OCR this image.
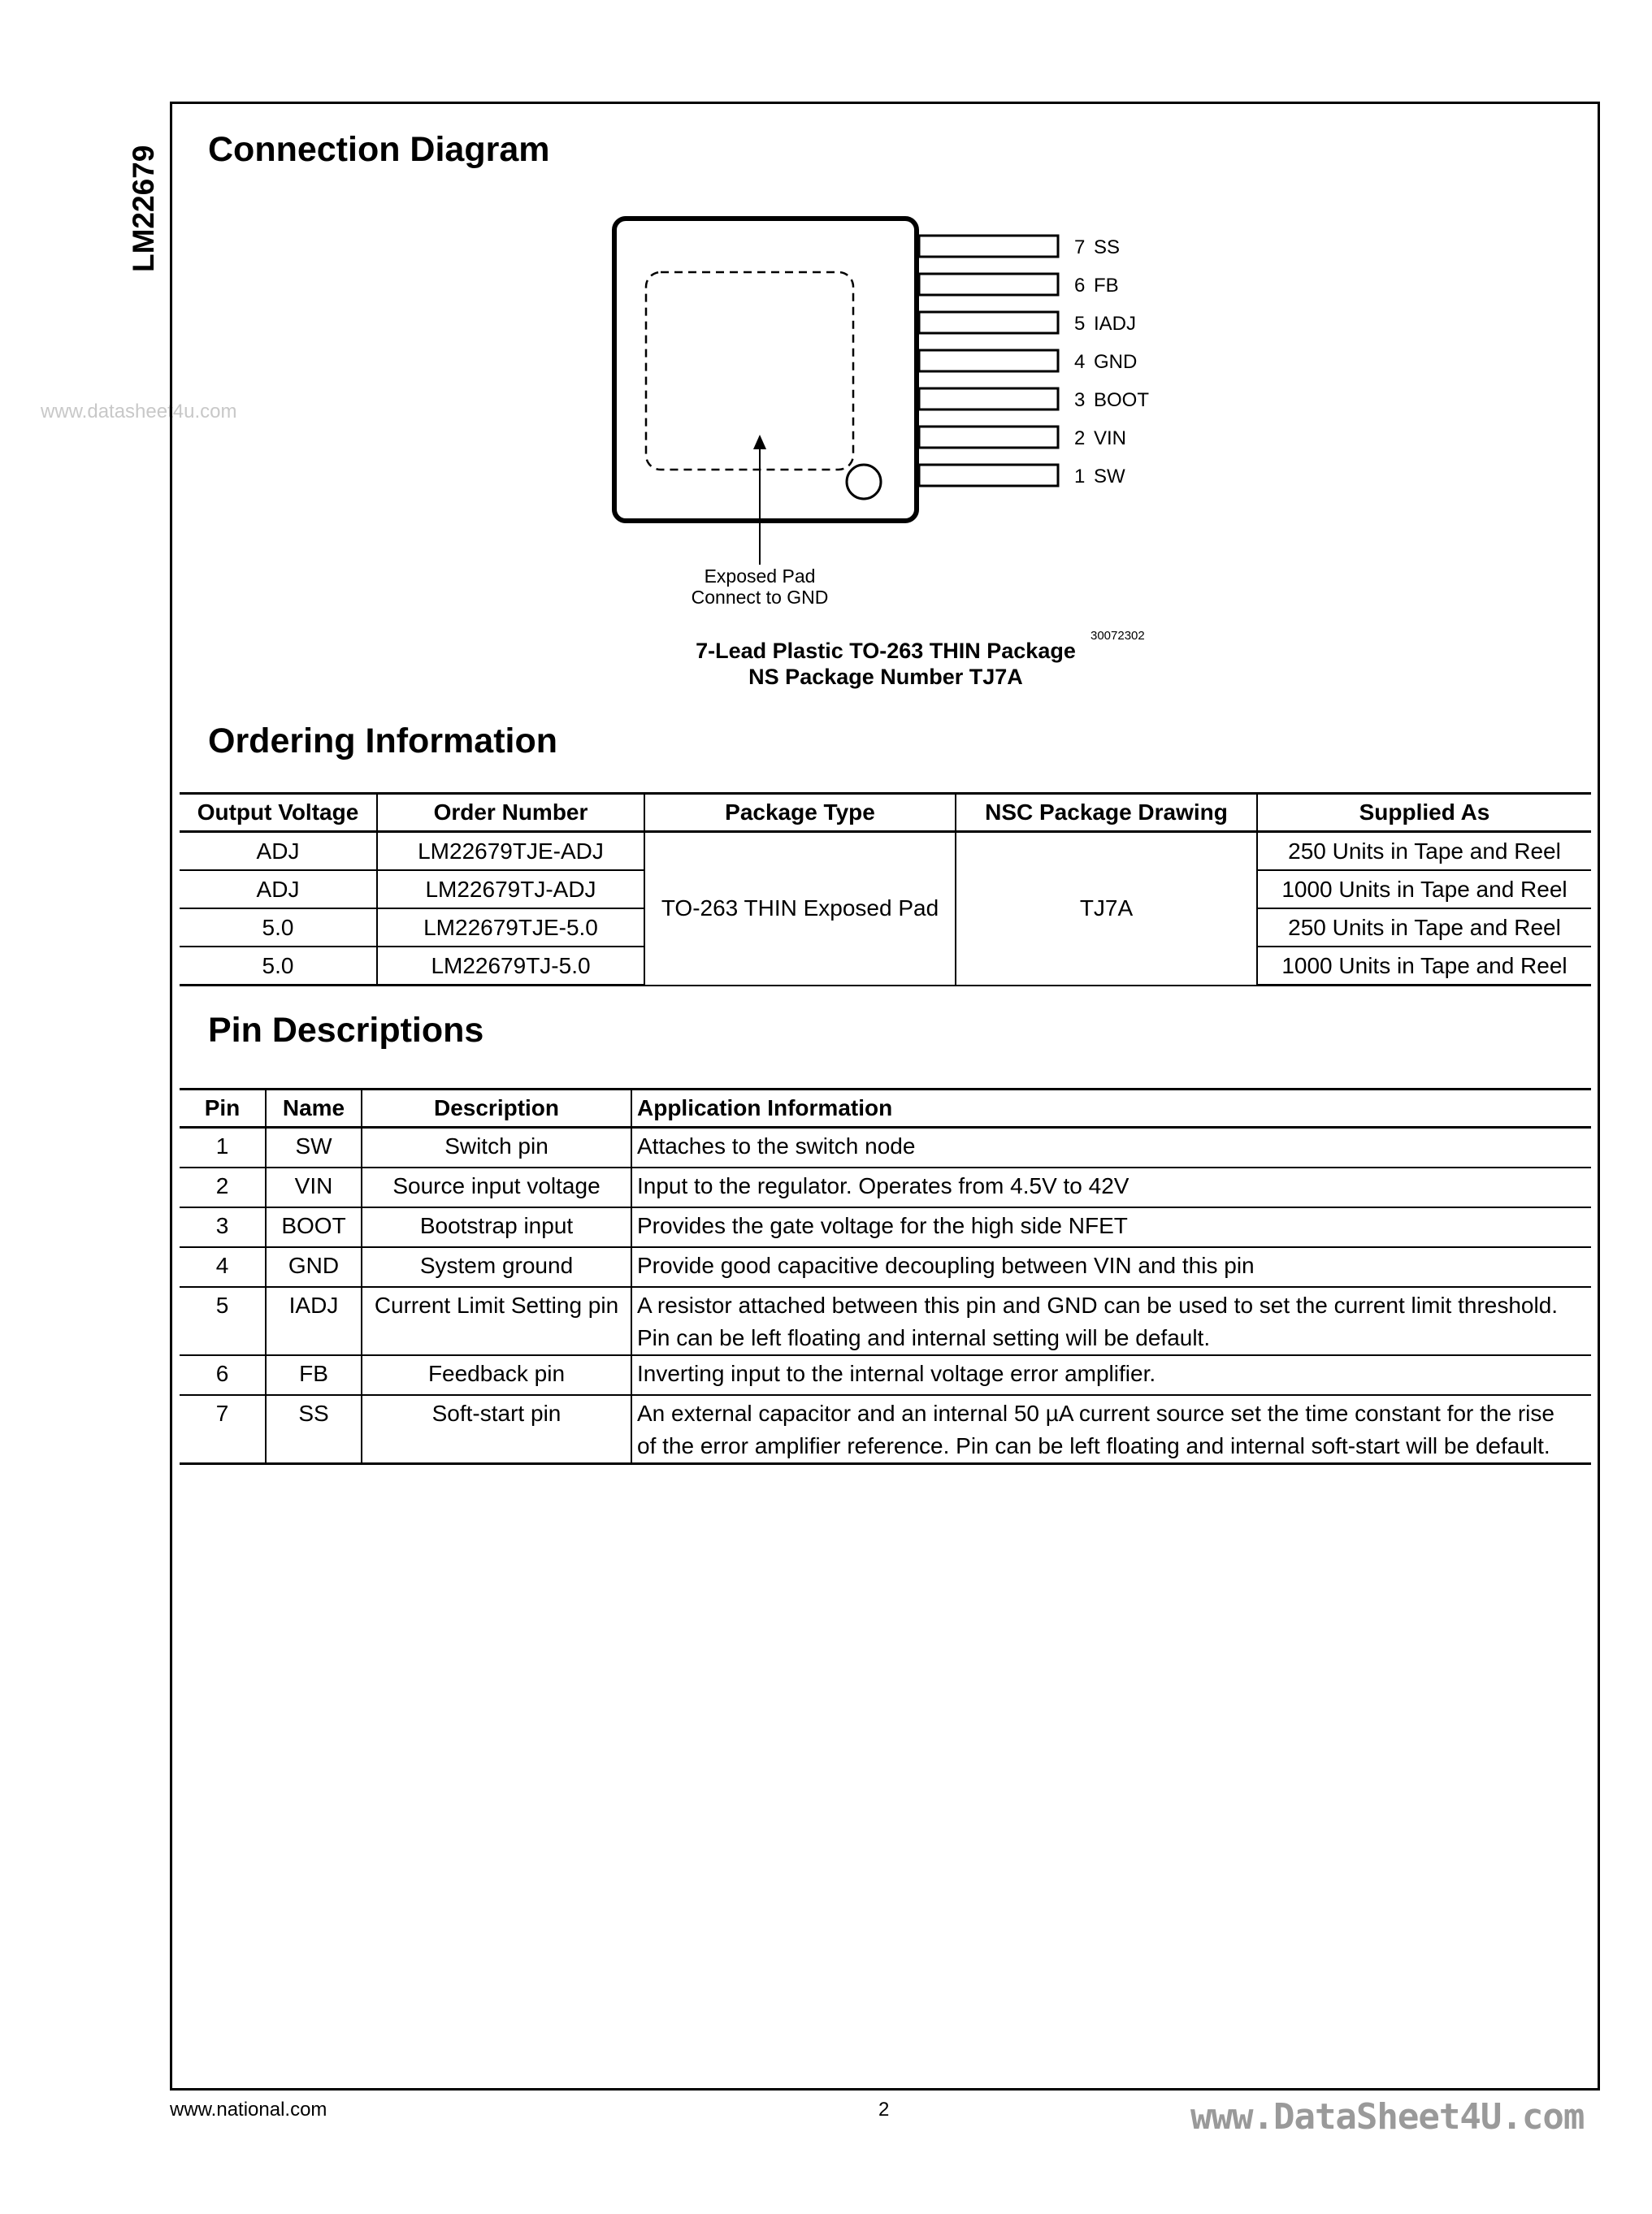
LM22679
www.datasheet4u.com
Connection Diagram
7 SS
6 FB
5 IADJ
4 GND
3 BOOT
2 VIN
1 SW
Exposed Pad
Connect to GND
30072302
7-Lead Plastic TO-263 THIN Package
NS Package Number TJ7A
Ordering Information
Output Voltage	Order Number	Package Type	NSC Package Drawing	Supplied As
ADJ	LM22679TJE-ADJ	TO-263 THIN Exposed Pad	TJ7A	250 Units in Tape and Reel
ADJ	LM22679TJ-ADJ			1000 Units in Tape and Reel
5.0	LM22679TJE-5.0			250 Units in Tape and Reel
5.0	LM22679TJ-5.0			1000 Units in Tape and Reel
Pin Descriptions
Pin	Name	Description	Application Information
1	SW	Switch pin	Attaches to the switch node
2	VIN	Source input voltage	Input to the regulator. Operates from 4.5V to 42V
3	BOOT	Bootstrap input	Provides the gate voltage for the high side NFET
4	GND	System ground	Provide good capacitive decoupling between VIN and this pin
5	IADJ	Current Limit Setting pin	A resistor attached between this pin and GND can be used to set the current limit threshold.
Pin can be left floating and internal setting will be default.

6	FB	Feedback pin	Inverting input to the internal voltage error amplifier.
7	SS	Soft-start pin	An external capacitor and an internal 50 µA current source set the time constant for the rise
of the error amplifier reference. Pin can be left floating and internal soft-start will be default.
www.national.com	2	www.DataSheet4U.com
